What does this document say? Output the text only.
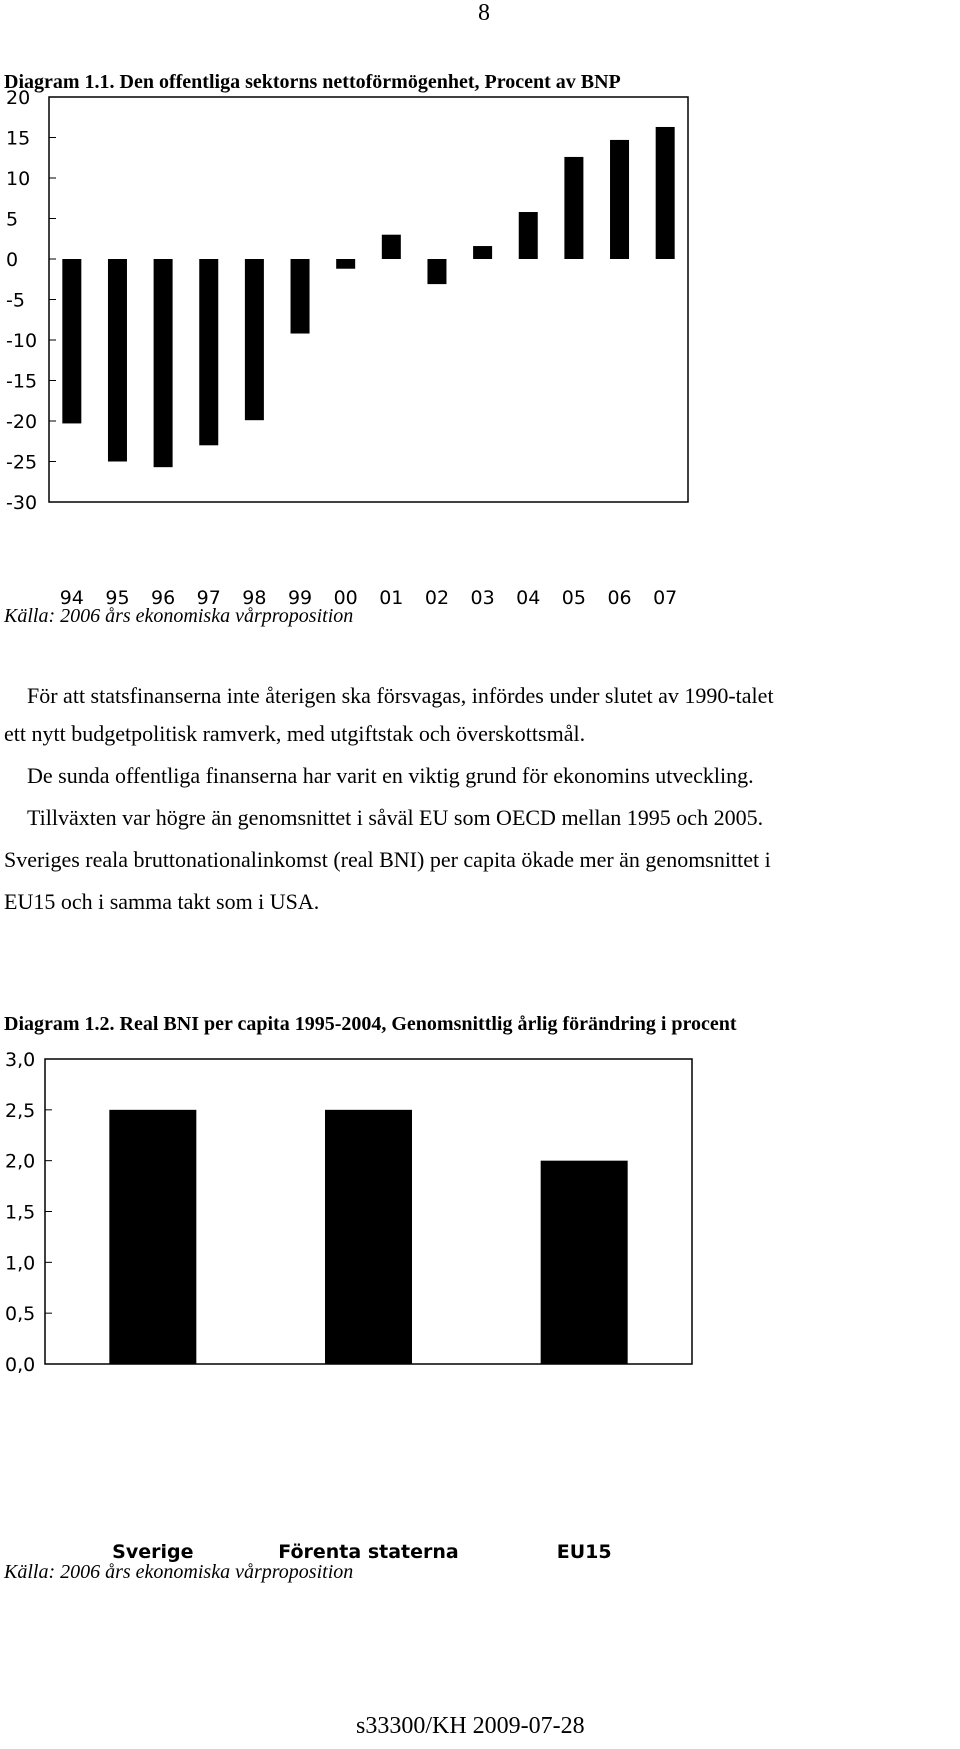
8

Diagram 1.1. Den offentliga sektorns nettoförmögenhet, Procent av BNP

20
15
10
5
0
-5
-10
-15
-20
-25
-30
94 95 96 97 98 99 00 01 02 03 04 05 06 07

Källa: 2006 års ekonomiska vårproposition

För att statsfinanserna inte återigen ska försvagas, infördes under slutet av 1990-talet

ett nytt budgetpolitisk ramverk, med utgiftstak och överskottsmål.

De sunda offentliga finanserna har varit en viktig grund för ekonomins utveckling.

Tillväxten var högre än genomsnittet i såväl EU som OECD mellan 1995 och 2005.

Sveriges reala bruttonationalinkomst (real BNI) per capita ökade mer än genomsnittet i

EU15 och i samma takt som i USA.

Diagram 1.2. Real BNI per capita 1995-2004, Genomsnittlig årlig förändring i procent

3,0
2,5
2,0
1,5
1,0
0,5
0,0
Sverige	Förenta staterna	EU15

Källa: 2006 års ekonomiska vårproposition

s33300/KH 2009-07-28
